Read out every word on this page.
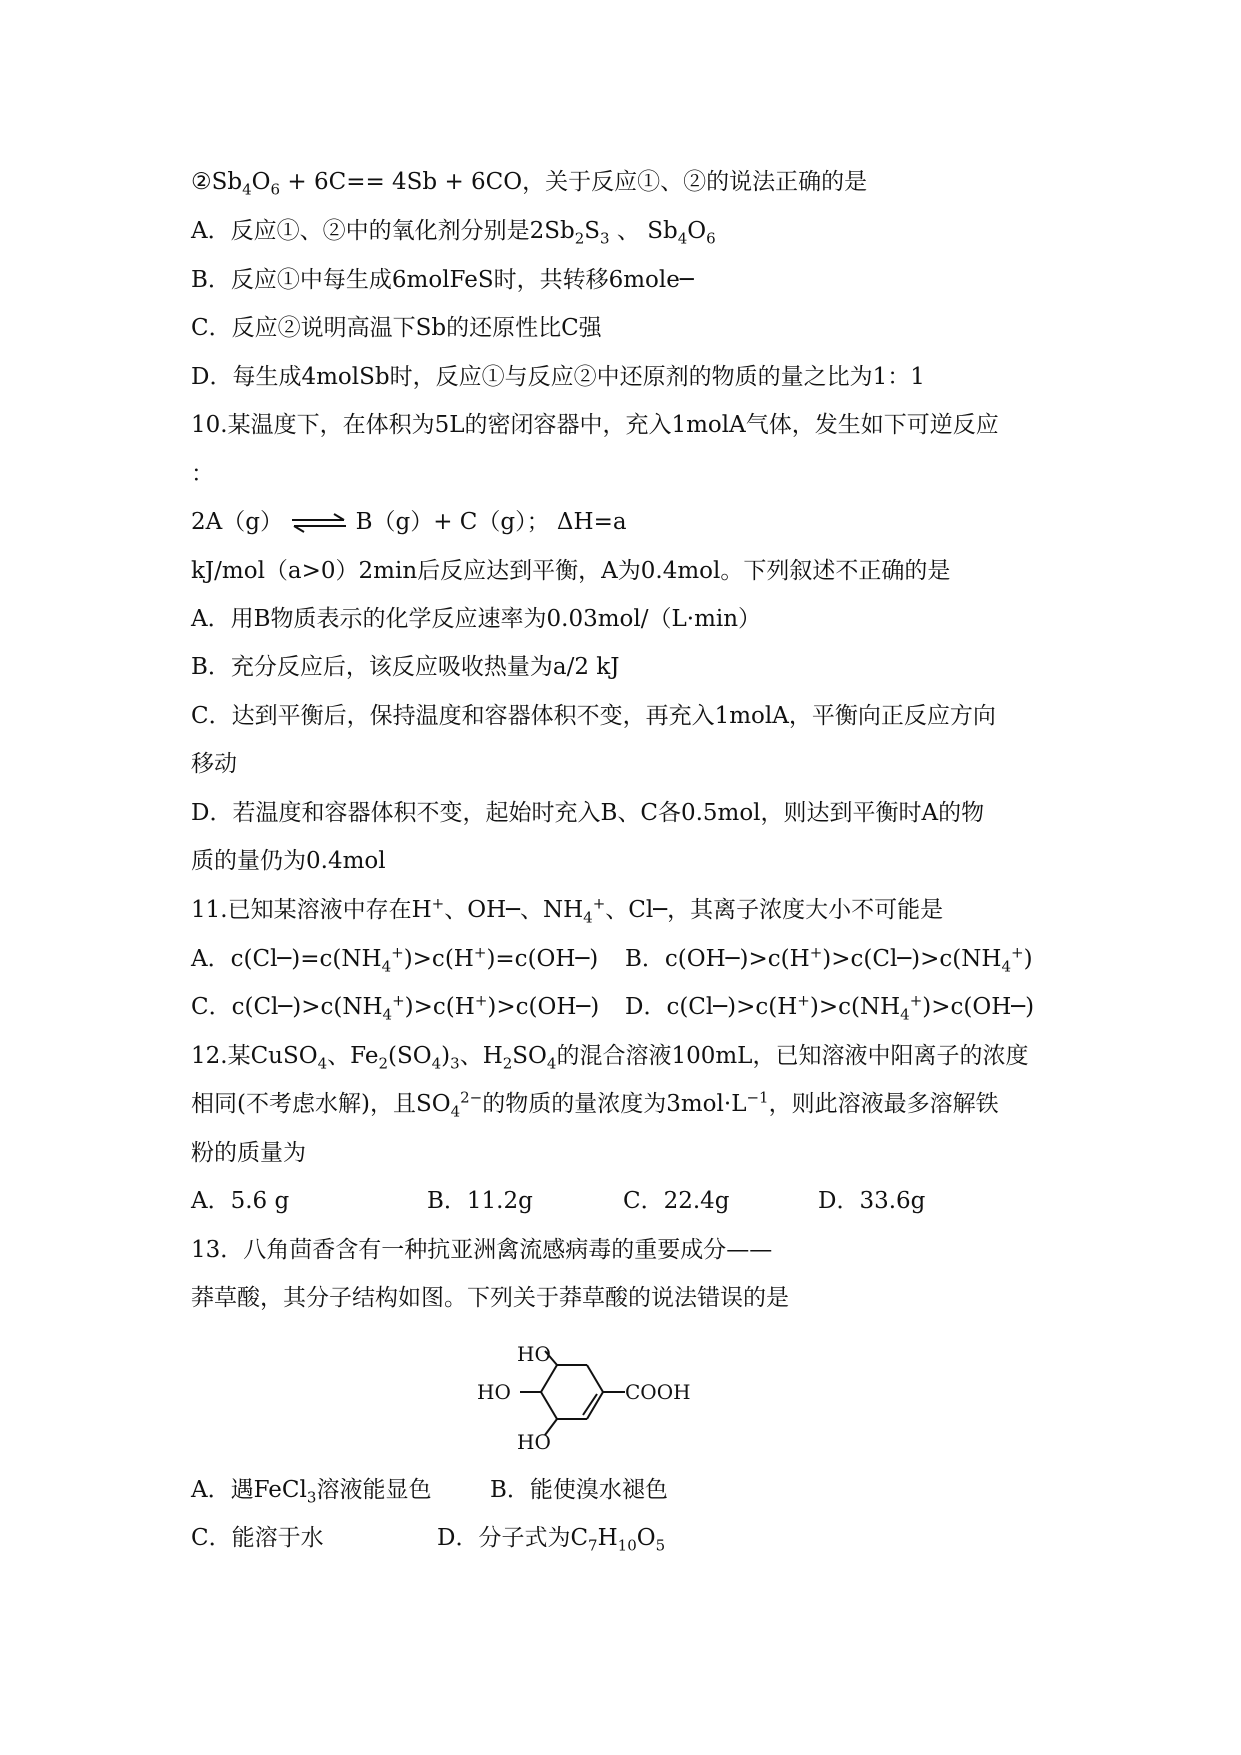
$②Sb_4O_6 + 6C== 4Sb + 6CO$，关于反应①、②的说法正确的是
A．反应①、②中的氧化剂分别是$2Sb_2S_3$ 、 $Sb_4O_6$
B．反应①中每生成6molFeS时，共转移6mole─
C．反应②说明高温下Sb的还原性比C强
D．每生成4molSb时，反应①与反应②中还原剂的物质的量之比为1：1
10.某温度下，在体积为5L的密闭容器中，充入1molA气体，发生如下可逆反应
：
2A（g） ⇌ B（g）+ C（g）； ΔH=a
kJ/mol（a>0）2min后反应达到平衡，A为0.4mol。下列叙述不正确的是
A．用B物质表示的化学反应速率为0.03mol/（L·min）
B．充分反应后，该反应吸收热量为a/2 kJ
C．达到平衡后，保持温度和容器体积不变，再充入1molA，平衡向正反应方向
移动
D．若温度和容器体积不变，起始时充入B、C各0.5mol，则达到平衡时A的物
质的量仍为0.4mol
11.已知某溶液中存在H+、OH─、$NH_4^+$、Cl─，其离子浓度大小不可能是
A．$c(Cl─)=c(NH_4^+)>c(H^+)=c(OH─)$ B．$c(OH─)>c(H^+)>c(Cl─)>c(NH_4^+)$
C．$c(Cl─)>c(NH_4^+)>c(H^+)>c(OH─)$ D．$c(Cl─)>c(H^+)>c(NH_4^+)>c(OH─)$
12.某CuSO$_4$、$Fe_2(SO_4)_3$、$H_2SO_4$的混合溶液100mL，已知溶液中阳离子的浓度
相同(不考虑水解)，且$SO_4^{2-}$的物质的量浓度为$3mol\cdot L^{-1}$，则此溶液最多溶解铁
粉的质量为
A．5.6 g	B．11.2g	C．22.4g	D．33.6g
13．八角茴香含有一种抗亚洲禽流感病毒的重要成分——
莽草酸，其分子结构如图。下列关于莽草酸的说法错误的是
HO
HO
HO
COOH
A．遇FeCl$_3$溶液能显色	B．能使溴水褪色
C．能溶于水	D．分子式为$C_7H_{10}O_5$
